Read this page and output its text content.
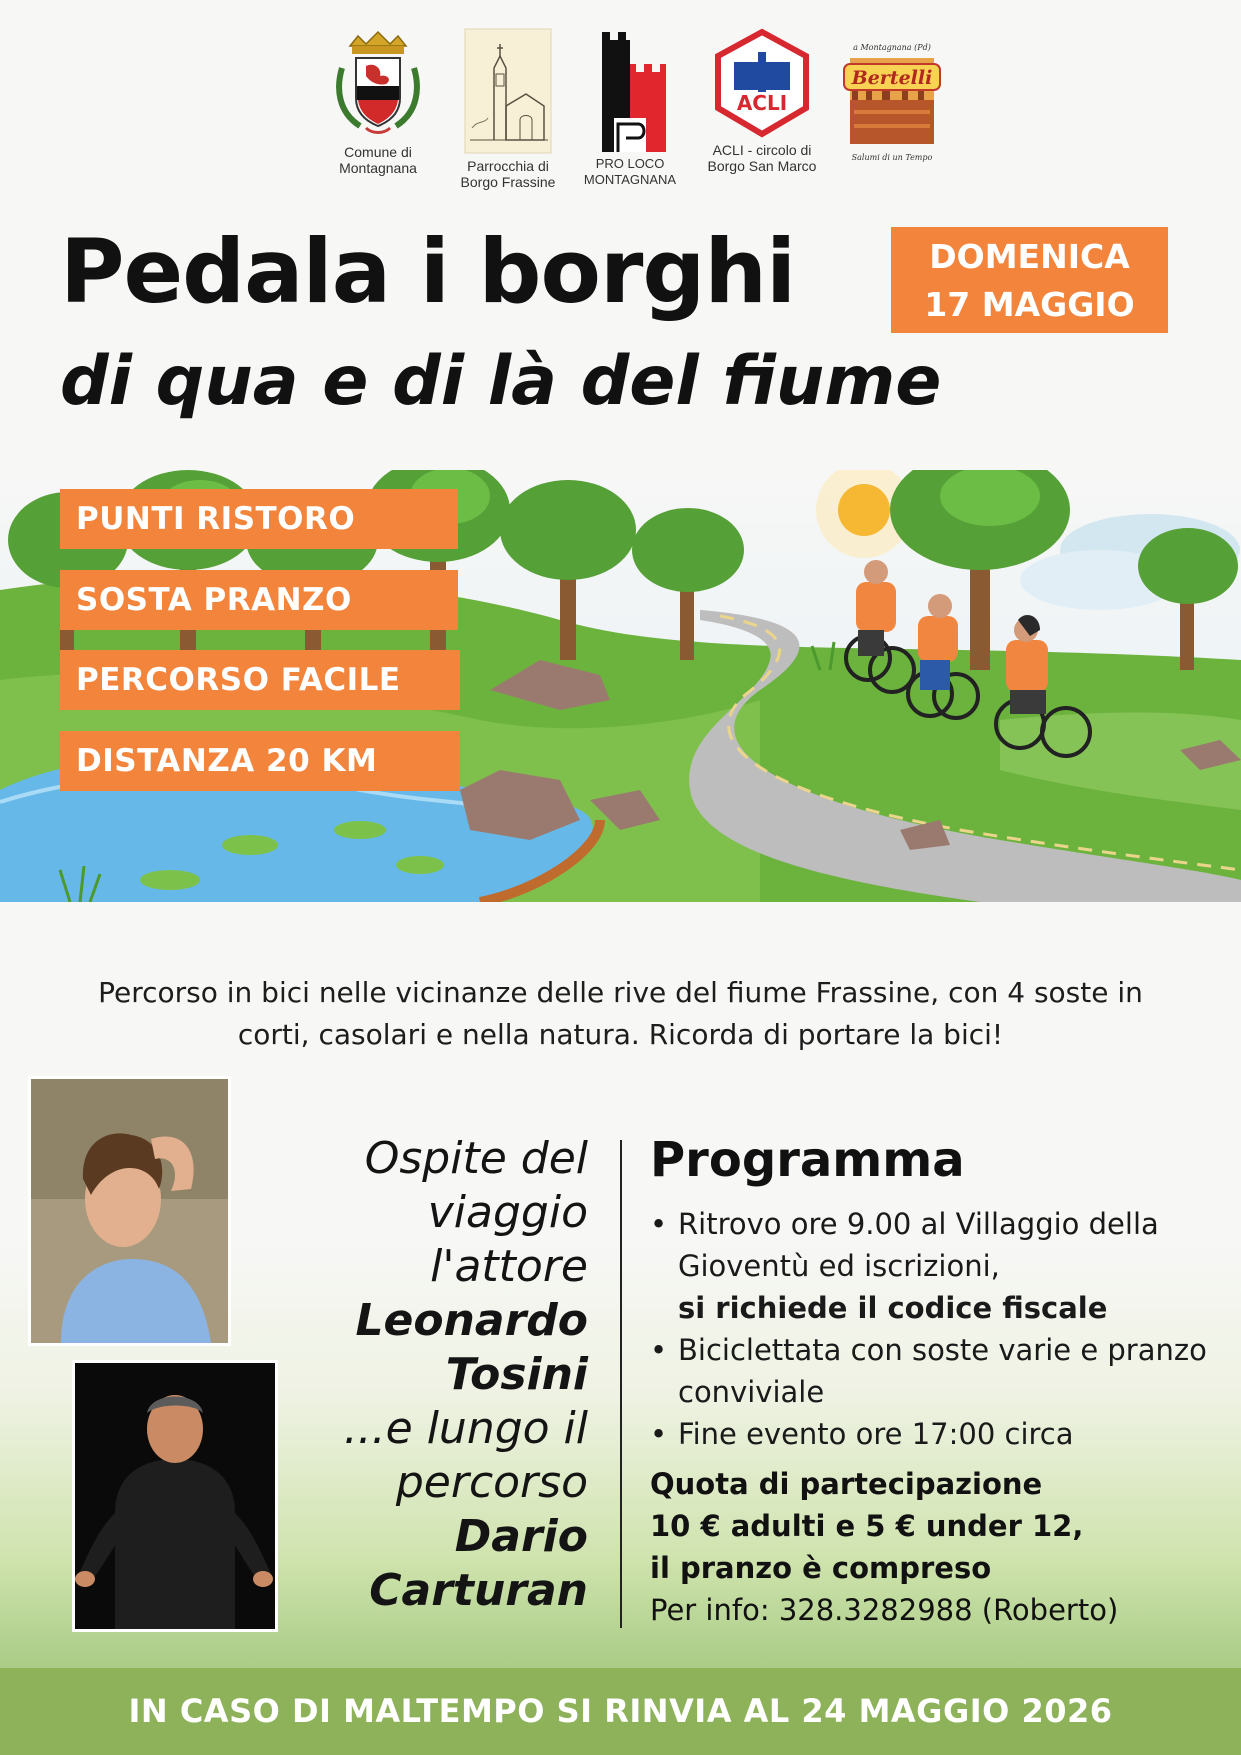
Comune di
Montagnana	Parrocchia di
Borgo Frassine
PRO LOCO
MONTAGNANA
ACLI
ACLI - circolo di
Borgo San Marco
a Montagnana (Pd)
Bertelli
Salumi di un Tempo
Pedala i borghi
di qua e di là del fiume
DOMENICA
17 MAGGIO
PUNTI RISTORO
SOSTA PRANZO
PERCORSO FACILE
DISTANZA 20 KM

Percorso in bici nelle vicinanze delle rive del fiume Frassine, con 4 soste in corti, casolari e nella natura. Ricorda di portare la bici!

Ospite del
viaggio
l'attore
Leonardo
Tosini
...e lungo il
percorso
Dario
Carturan
Programma
• Ritrovo ore 9.00 al Villaggio della Gioventù ed iscrizioni,
si richiede il codice fiscale
• Biciclettata con soste varie e pranzo conviviale
• Fine evento ore 17:00 circa
Quota di partecipazione
10 € adulti e 5 € under 12,
il pranzo è compreso
Per info: 328.3282988 (Roberto)
IN CASO DI MALTEMPO SI RINVIA AL 24 MAGGIO 2026
